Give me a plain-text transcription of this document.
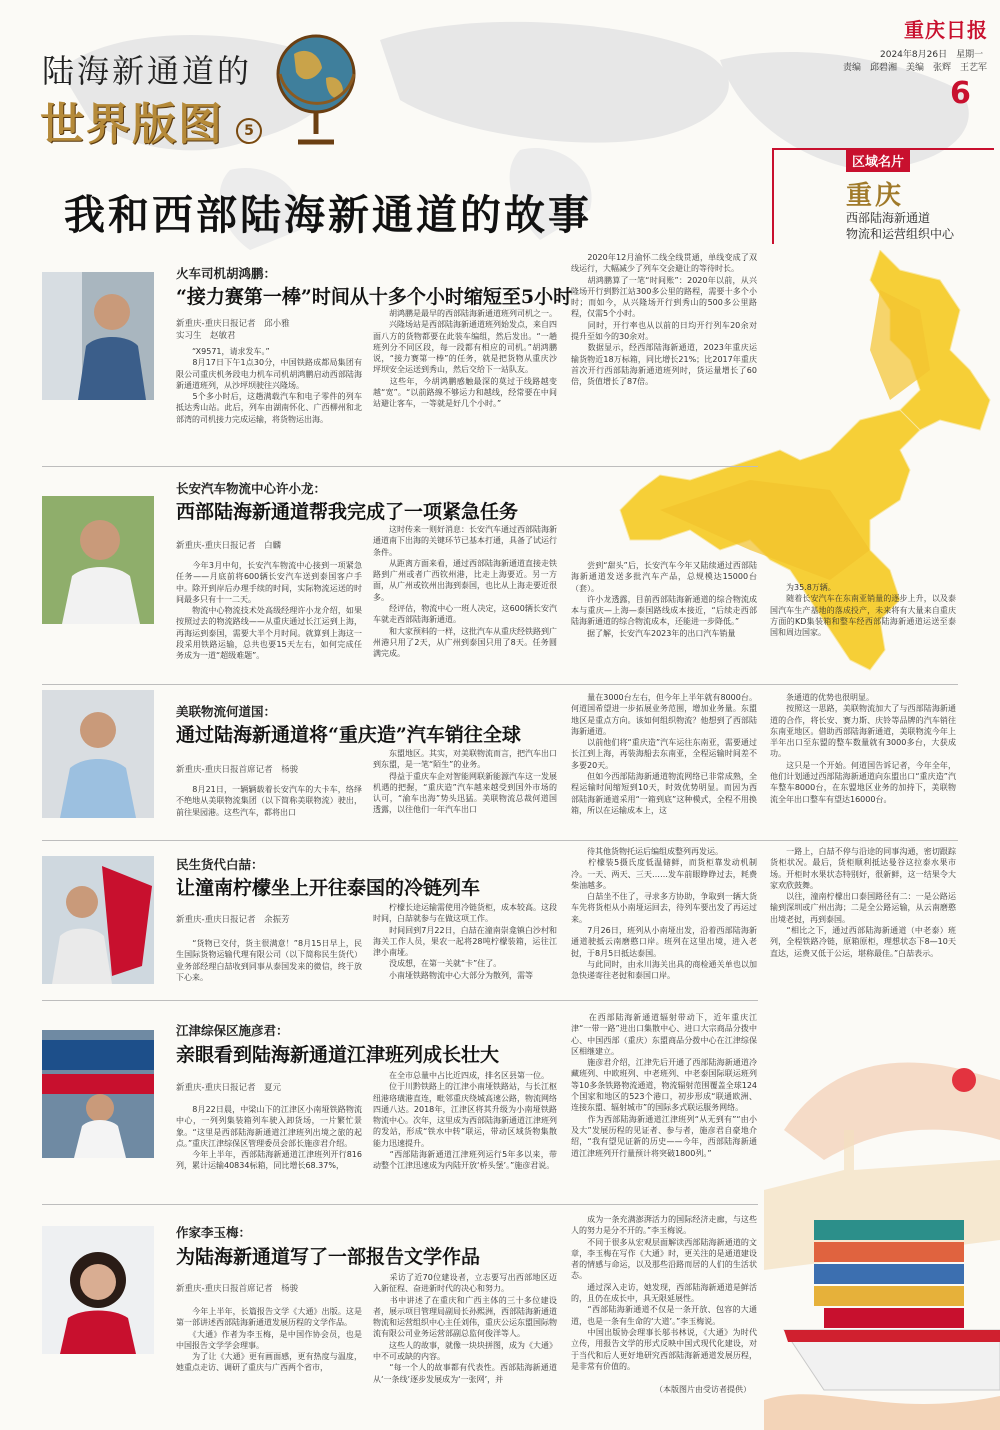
重庆日报
2024年8月26日　 星期一
责编　邱碧湘　美编　张辉　王艺军
6
陆海新通道的
世界版图	5
我和西部陆海新通道的故事
区域名片
重庆
西部陆海新通道
物流和运营组织中心
火车司机胡鸿鹏：
“接力赛第一棒”时间从十多个小时缩短至5小时
新重庆-重庆日报记者　邱小雅
实习生　赵敏君
　　“X9571，请求发车。”
　　8月17日下午1点30分，中国铁路成都局集团有限公司重庆机务段电力机车司机胡鸿鹏启动西部陆海新通道班列，从沙坪坝驶往兴隆场。
　　5个多小时后，这趟满载汽车和电子零件的列车抵达秀山站。此后，列车由湖南怀化、广西柳州和北部湾的司机接力完成运输，将货物运出海。
　　胡鸿鹏是最早的西部陆海新通道班列司机之一。
　　兴隆场站是西部陆海新通道班列始发点，来自四面八方的货物都要在此装车编组，然后发出。“一趟班列分不同区段，每一段都有相应的司机。”胡鸿鹏说，“接力赛第一棒”的任务，就是把货物从重庆沙坪坝安全运送到秀山，然后交给下一站队友。
　　这些年，今胡鸿鹏感触最深的莫过于线路越变越“宽”。“以前路線不够运力和越线，经常要在中间站避让客车，一等就是好几个小时。”
　　2020年12月渝怀二线全线贯通，单线变成了双线运行，大幅减少了列车交会避让的等待时长。
　　胡鸿鹏算了一笔“时间账”：2020年以前，从兴隆场开行到黔江站300多公里的路程，需要十多个小时；而如今，从兴隆场开行到秀山的500多公里路程，仅需5个小时。
　　同时，开行率也从以前的日均开行列车20余对提升至如今的30余对。
　　数据显示，经西部陆海新通道，2023年重庆运输货物近18万标箱，同比增长21%；比2017年重庆首次开行西部陆海新通道班列时，货运量增长了60倍，货值增长了87倍。
长安汽车物流中心许小龙：
西部陆海新通道帮我完成了一项紧急任务
新重庆-重庆日报记者　白麟
　　今年3月中旬，长安汽车物流中心接到一项紧急任务——月底前将600辆长安汽车送到泰国客户手中。除开到岸后办理手续的时间，实际物流运送的时间最多只有十一二天。
　　物流中心物流技术处高级经理许小龙介绍，如果按照过去的物流路线——从重庆通过长江运到上海，再海运到泰国，需要大半个月时间。就算到上海这一段采用铁路运输，总共也要15天左右，如何完成任务成为一道“超级难题”。
　　这时传来一则好消息：长安汽车通过西部陆海新通道南下出海的关键环节已基本打通，具备了试运行条件。
　　从距离方面来看，通过西部陆海新通道直接走铁路到广州或者广西钦州港，比走上海要近。另一方面，从广州或钦州出海到泰国，也比从上海走要近很多。
　　经评估，物流中心一班人决定，这600辆长安汽车就走西部陆海新通道。
　　和大家预料的一样，这批汽车从重庆经铁路到广州港只用了2天，从广州到泰国只用了8天。任务圆满完成。
　　尝到“甜头”后，长安汽车今年又陆续通过西部陆海新通道发送多批汽车产品，总规模达15000台（套）。
　　许小龙透露，目前西部陆海新通道的综合物流成本与重庆—上海—泰国路线成本接近，“后续走西部陆海新通道的综合物流成本，还能进一步降低。”
　　据了解，长安汽车2023年的出口汽车销量
　　为35.8万辆。
　　随着长安汽车在东南亚销量的逐步上升，以及泰国汽车生产基地的落成投产，未来将有大量来自重庆方面的KD集装箱和整车经西部陆海新通道运送至泰国和周边国家。
美联物流何道国：
通过陆海新通道将“重庆造”汽车销往全球
新重庆-重庆日报首席记者　杨骏
　　8月21日，一辆辆载着长安汽车的大卡车，络绎不绝地从美联物流集团（以下简称美联物流）驶出，前往果园港。这些汽车，都将出口
　　东盟地区。其实，对美联物流而言，把汽车出口到东盟，是一笔“陌生”的业务。
　　得益于重庆车企对智能网联新能源汽车这一发展机遇的把握，“重庆造”汽车越来越受到国外市场的认可，“渝车出海”势头迅猛。美联物流总裁何道国透露，以往他们一年汽车出口
　　量在3000台左右，但今年上半年就有8000台。何道国希望进一步拓展业务范围，增加业务量。东盟地区是重点方向。该如何组织物流？他想到了西部陆海新通道。
　　以前他们将“重庆造”汽车运往东南亚，需要通过长江到上海，再装海船去东南亚，全程运输时间差不多要20天。
　　但如今西部陆海新通道物流网络已非常成熟，全程运输时间缩短到10天，时效优势明显。而因为西部陆海新通道采用“一箱到底”这种模式，全程不用换箱，所以在运输成本上，这
　　条通道的优势也很明显。
　　按照这一思路，美联物流加大了与西部陆海新通道的合作，将长安、赛力斯、庆铃等品牌的汽车销往东南亚地区。借助西部陆海新通道，美联物流今年上半年出口至东盟的整车数量就有3000多台，大获成功。
　　这只是一个开始。何道国告诉记者，今年全年，他们计划通过西部陆海新通道向东盟出口“重庆造”汽车整车8000台，在东盟地区业务的加持下，美联物流全年出口整车有望达16000台。
民生货代白喆：
让潼南柠檬坐上开往泰国的冷链列车
新重庆-重庆日报记者　余振芳
　　“货物已交付，货主很满意！”8月15日早上，民生国际货物运输代理有限公司（以下简称民生货代）业务部经理白喆收到同事从泰国发来的微信，终于放下心来。
　　柠檬长途运输需使用冷链货柜，成本较高。这段时间，白喆就参与在做这项工作。
　　时间回到7月22日，白喆在潼南崇龛镇白沙村和海关工作人员，果农一起将28吨柠檬装箱，运往江津小南垭。
　　没成想，在第一关就“卡”住了。
　　小南垭铁路物流中心大部分为散列，需等
　　待其他货物托运后编组成整列再发运。
　　柠檬装5摄氏度低温储鲜，而货柜靠发动机制冷。一天、两天、三天……发车前眼睁睁过去，耗费柴油越多。
　　白喆坐不住了，寻求多方协助，争取到一辆大货车先将货柜从小南垭运回去，待列车要出发了再运过来。
　　7月26日，班列从小南垭出发，沿着西部陆海新通道驶抵云南磨憨口岸。班列在这里出境，进入老挝，于8月5日抵达泰国。
　　与此同时，由永川海关出具的商检通关单也以加急快递寄往老挝和泰国口岸。
　　一路上，白喆不停与沿途的同事沟通，密切跟踪货柜状况。最后，货柜顺利抵达曼谷这拉泰水果市场。开柜时水果状态特别好，很新鲜，这一结果令大家欢欣鼓舞。
　　以往，潼南柠檬出口泰国路径有二：一是公路运输到深圳或广州出海；二是全公路运输，从云南磨憨出境老挝，再到泰国。
　　“相比之下，通过西部陆海新通道（中老泰）班列，全程铁路冷链，原箱原柜，理想状态下8—10天直达，运费又低于公运，堪称最佳。”白喆表示。
江津综保区施彦君：
亲眼看到陆海新通道江津班列成长壮大
新重庆-重庆日报记者　夏元
　　8月22日晨，中梁山下的江津区小南垭铁路物流中心，一列列集装箱列车驶入卸货场，一片繁忙景象。“这里是西部陆海新通道江津班列出境之旅的起点。”重庆江津综保区管理委员会部长施彦君介绍。
　　今年上半年，西部陆海新通道江津班列开行816列，累计运输40834标箱，同比增长68.37%，
　　在全市总量中占比近四成，排名区县第一位。
　　位于川黔铁路上的江津小南垭铁路站，与长江枢纽港珞璜港直连，毗邻重庆绕城高速公路，物流网络四通八达。2018年，江津区将其升级为小南垭铁路物流中心。次年，这里成为西部陆海新通道江津班列的发站，形成“铁水中转”联运，带动区域货物集散能力迅速提升。
　　“西部陆海新通道江津班列运行5年多以来，带动整个江津迅速成为内陆开放‘桥头堡’。”施彦君说。
　　在西部陆海新通道辐射带动下，近年重庆江津“一带一路”进出口集散中心、进口大宗商品分拨中心、中国西部（重庆）东盟商品分拨中心在江津综保区相继建立。
　　施彦君介绍，江津先后开通了西部陆海新通道冷藏班列、中欧班列、中老班列、中老泰国际联运班列等10多条铁路物流通道，物流辐射范围覆盖全球124个国家和地区的523个港口，初步形成“联通欧洲、连接东盟、辐射城市”的国际多式联运服务网络。
　　作为西部陆海新通道江津班列“从无到有”“由小及大”发展历程的见证者、参与者，施彦君自豪地介绍，“我有望见证新的历史——今年，西部陆海新通道江津班列开行量预计将突破1800列。”
作家李玉梅：
为陆海新通道写了一部报告文学作品
新重庆-重庆日报首席记者　杨骏
　　今年上半年，长篇报告文学《大通》出版。这是第一部讲述西部陆海新通道发展历程的文学作品。
　　《大通》作者为李玉梅，是中国作协会员，也是中国报告文学学会理事。
　　为了让《大通》更有画面感，更有热度与温度，她重点走访、调研了重庆与广西两个省市，
　　采访了近70位建设者，立志要写出西部地区迈入新征程、奋进新时代的决心和努力。
　　书中讲述了在重庆和广西主体的三十多位建设者，展示项目管理局副局长孙熙洲，西部陆海新通道物流和运营组织中心主任刘伟，重庆公运东盟国际物流有限公司业务运营部副总监何俊洋等人。
　　这些人的故事，就像一块块拼图，成为《大通》中不可或缺的内容。
　　“每一个人的故事都有代表性。西部陆海新通道从‘一条线’逐步发展成为‘一张网’，并
　　成为一条充满澎湃活力的国际经济走廊，与这些人的努力是分不开的。”李玉梅说。
　　不同于很多从宏观层面解读西部陆海新通道的文章，李玉梅在写作《大通》时，更关注的是通道建设者的情感与命运，以及那些沿路而居的人们的生活状态。
　　通过深入走访，她发现，西部陆海新通道是鲜活的，且仍在成长中，具无限延展性。
　　“西部陆海新通道不仅是一条开放、包容的大通道，也是一条有生命的‘大道’。”李玉梅说。
　　中国出版协会理事长邬书林说，《大通》为时代立传，用报告文学的形式反映中国式现代化建设，对于当代和后人更好地研究西部陆海新通道发展历程，是非常有价值的。
（本版图片由受访者提供）
